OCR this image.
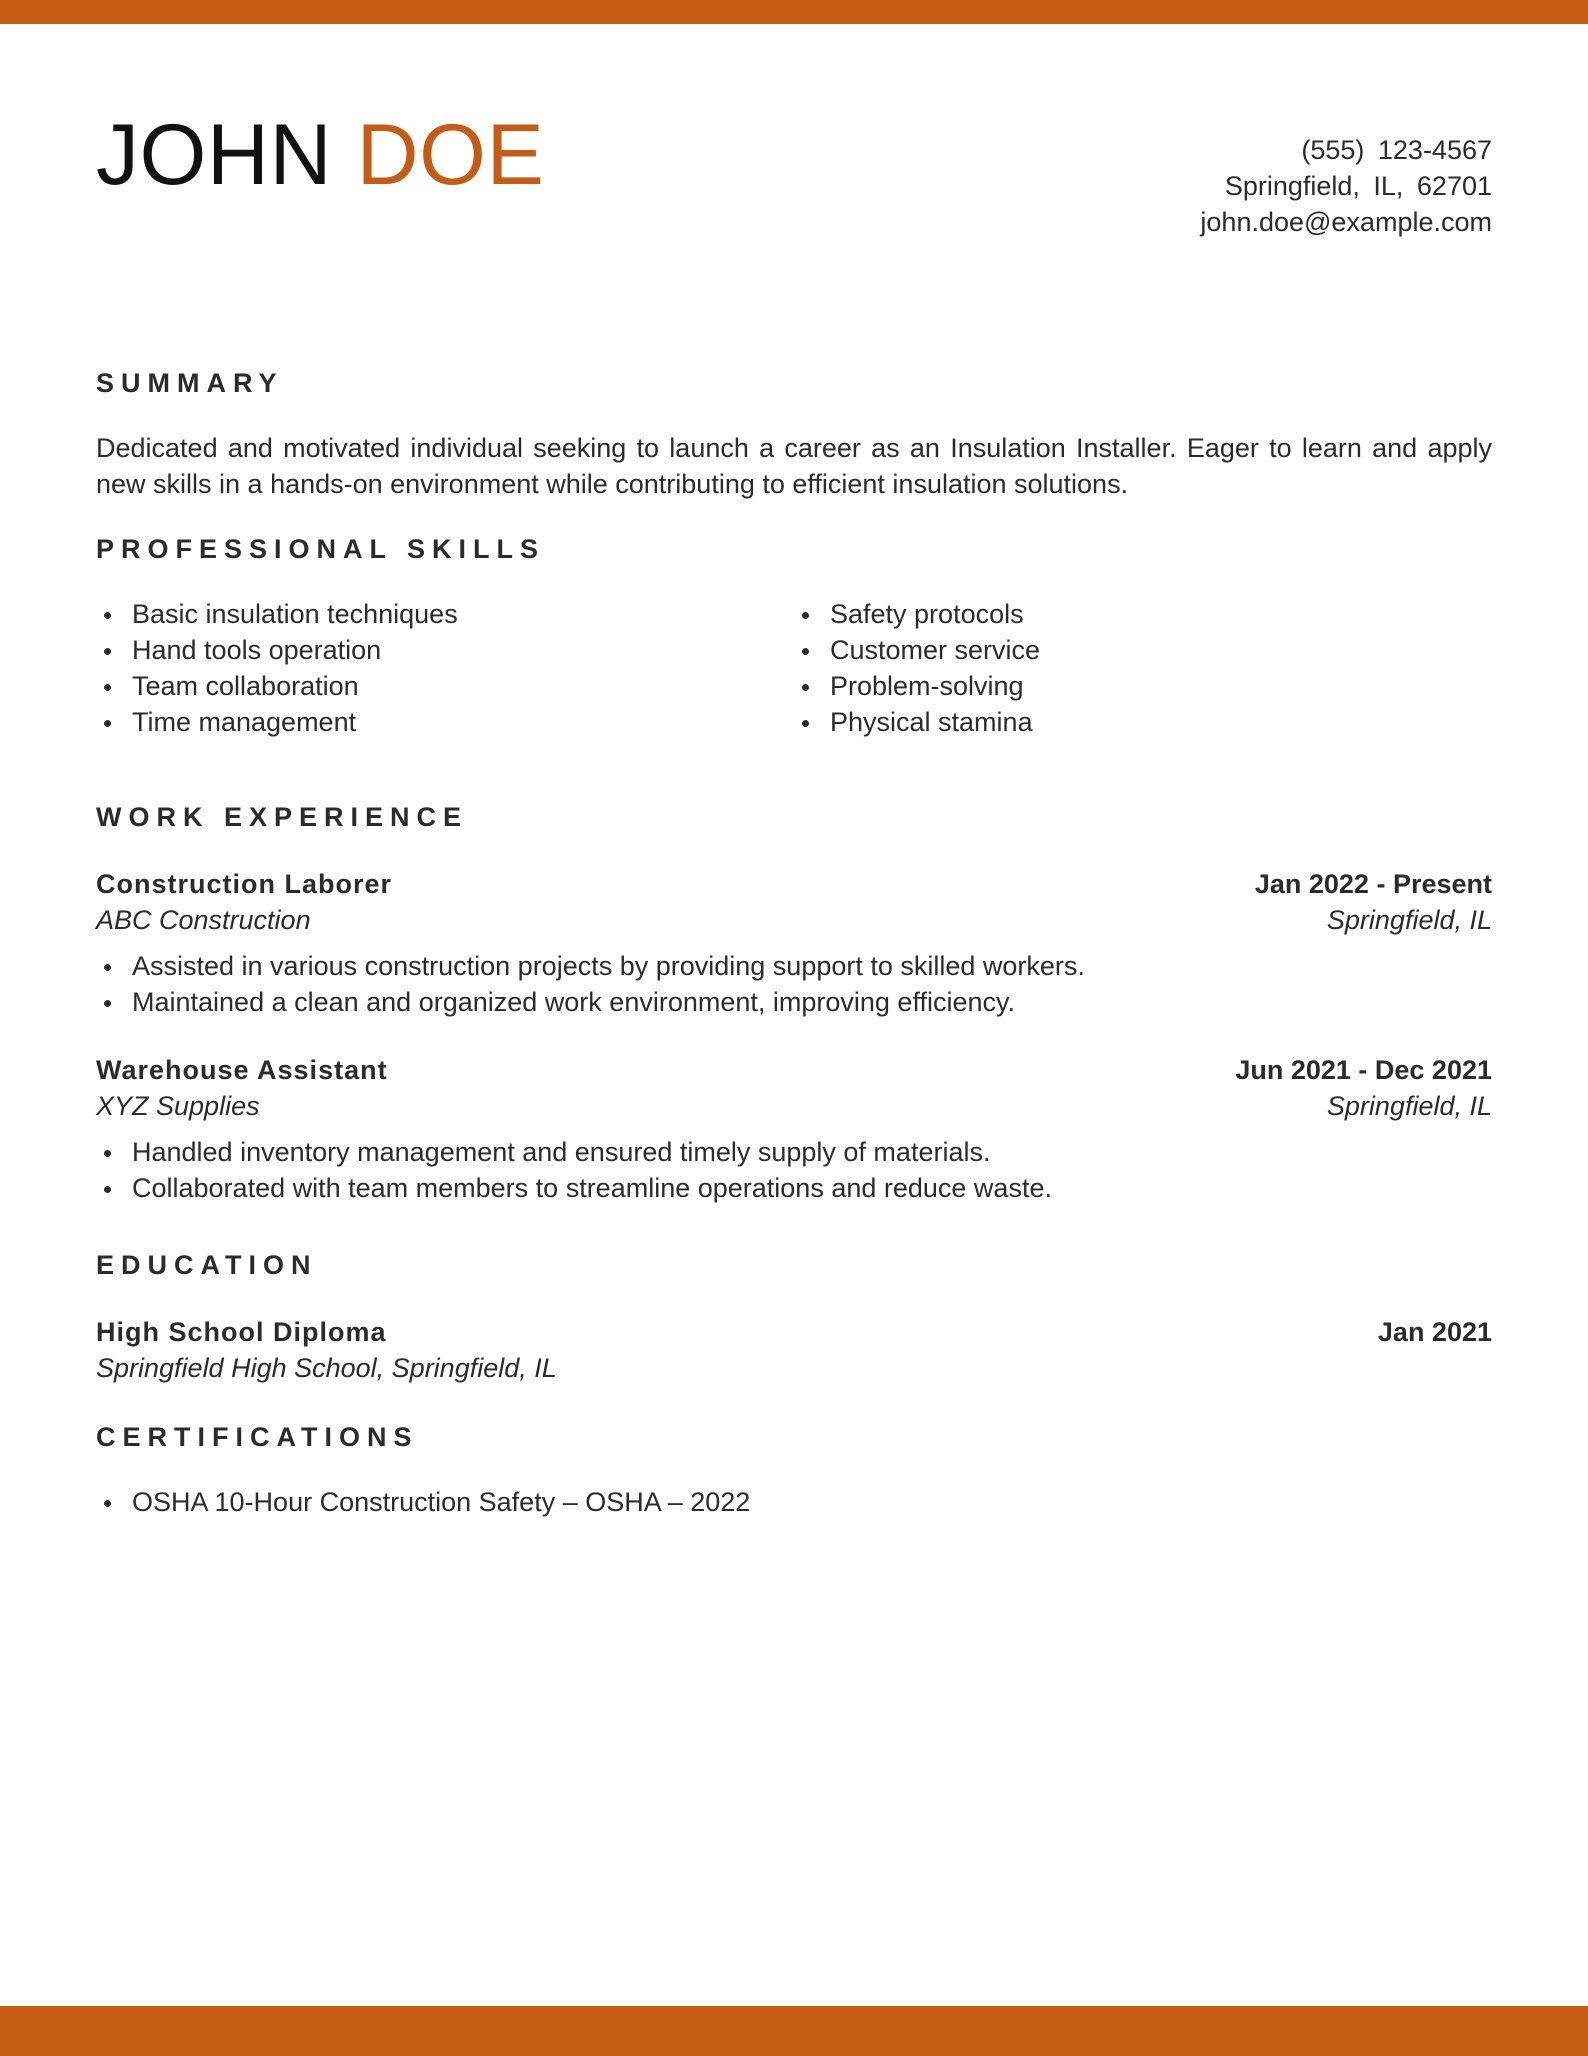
JOHN DOE	(555) 123-4567
Springfield, IL, 62701
john.doe@example.com
SUMMARY
Dedicated and motivated individual seeking to launch a career as an Insulation Installer. Eager to learn and apply new skills in a hands-on environment while contributing to efficient insulation solutions.
PROFESSIONAL SKILLS
Basic insulation techniques
Hand tools operation
Team collaboration
Time management
Safety protocols
Customer service
Problem-solving
Physical stamina
WORK EXPERIENCE
Construction Laborer	Jan 2022 - Present
ABC Construction	Springfield, IL
Assisted in various construction projects by providing support to skilled workers.
Maintained a clean and organized work environment, improving efficiency.
Warehouse Assistant	Jun 2021 - Dec 2021
XYZ Supplies	Springfield, IL
Handled inventory management and ensured timely supply of materials.
Collaborated with team members to streamline operations and reduce waste.
EDUCATION
High School Diploma	Jan 2021
Springfield High School, Springfield, IL
CERTIFICATIONS
OSHA 10-Hour Construction Safety – OSHA – 2022
